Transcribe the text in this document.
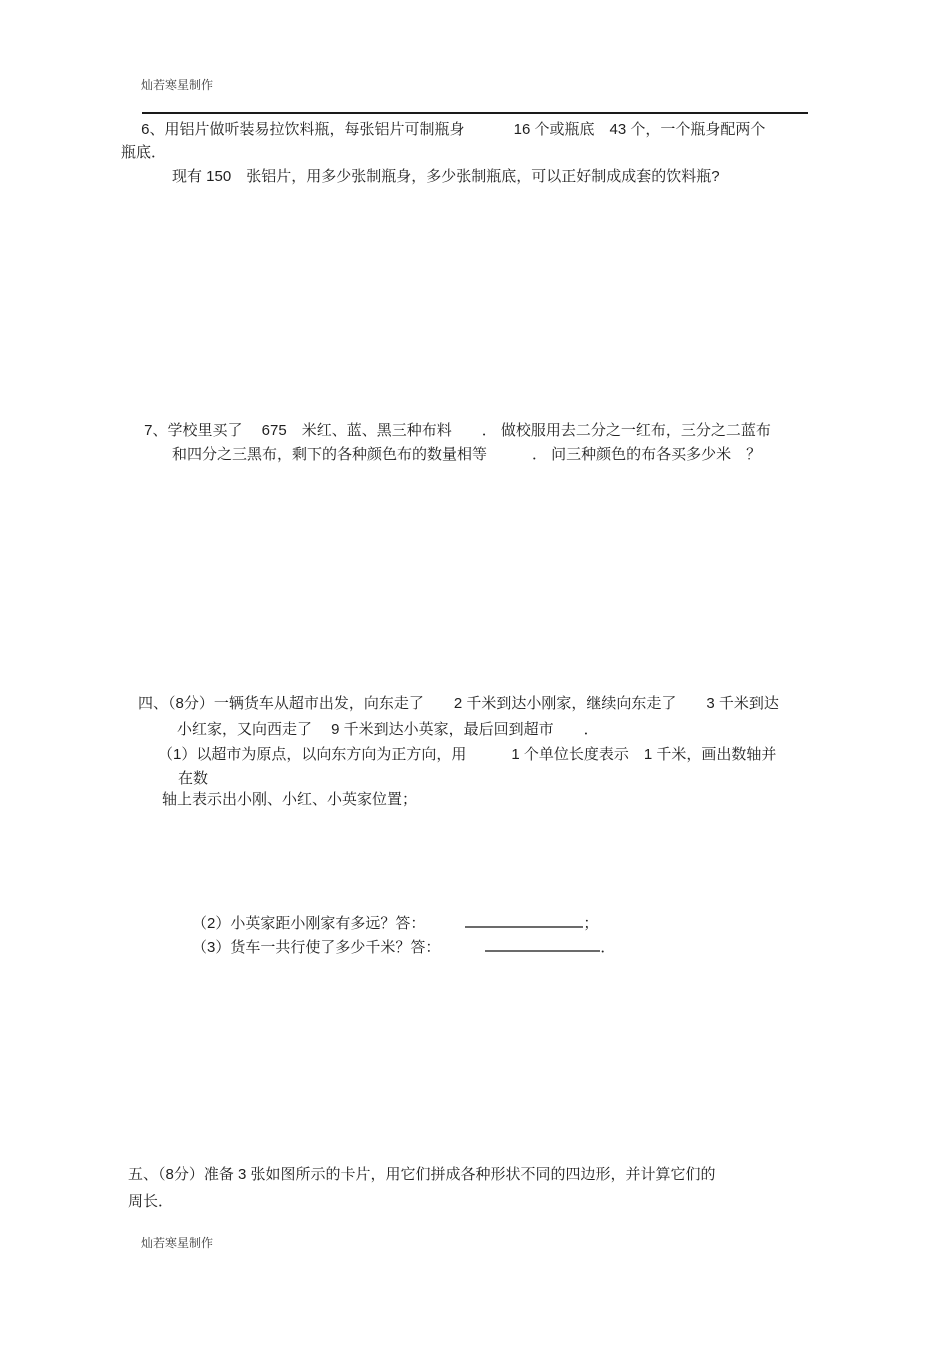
灿若寒星制作
6、用铝片做听装易拉饮料瓶，每张铝片可制瓶身　　　 16 个或瓶底　43 个，一个瓶身配两个
瓶底．
现有 150　张铝片，用多少张制瓶身，多少张制瓶底，可以正好制成成套的饮料瓶?
7、学校里买了　 675　米红、蓝、黑三种布料　　． 做校服用去二分之一红布，三分之二蓝布
和四分之三黑布，剩下的各种颜色布的数量相等　　　． 问三种颜色的布各买多少米　？
四、（8分）一辆货车从超市出发，向东走了　　2 千米到达小刚家，继续向东走了　　3 千米到达
小红家，又向西走了　 9 千米到达小英家，最后回到超市　　．
（1）以超市为原点，以向东方向为正方向，用　　　1 个单位长度表示　1 千米，画出数轴并
在数
轴上表示出小刚、小红、小英家位置；

（2）小英家距小刚家有多远？答：	；

（3）货车一共行使了多少千米？答：	．

五、（8分）准备 3 张如图所示的卡片，用它们拼成各种形状不同的四边形，并计算它们的
周长．
灿若寒星制作
